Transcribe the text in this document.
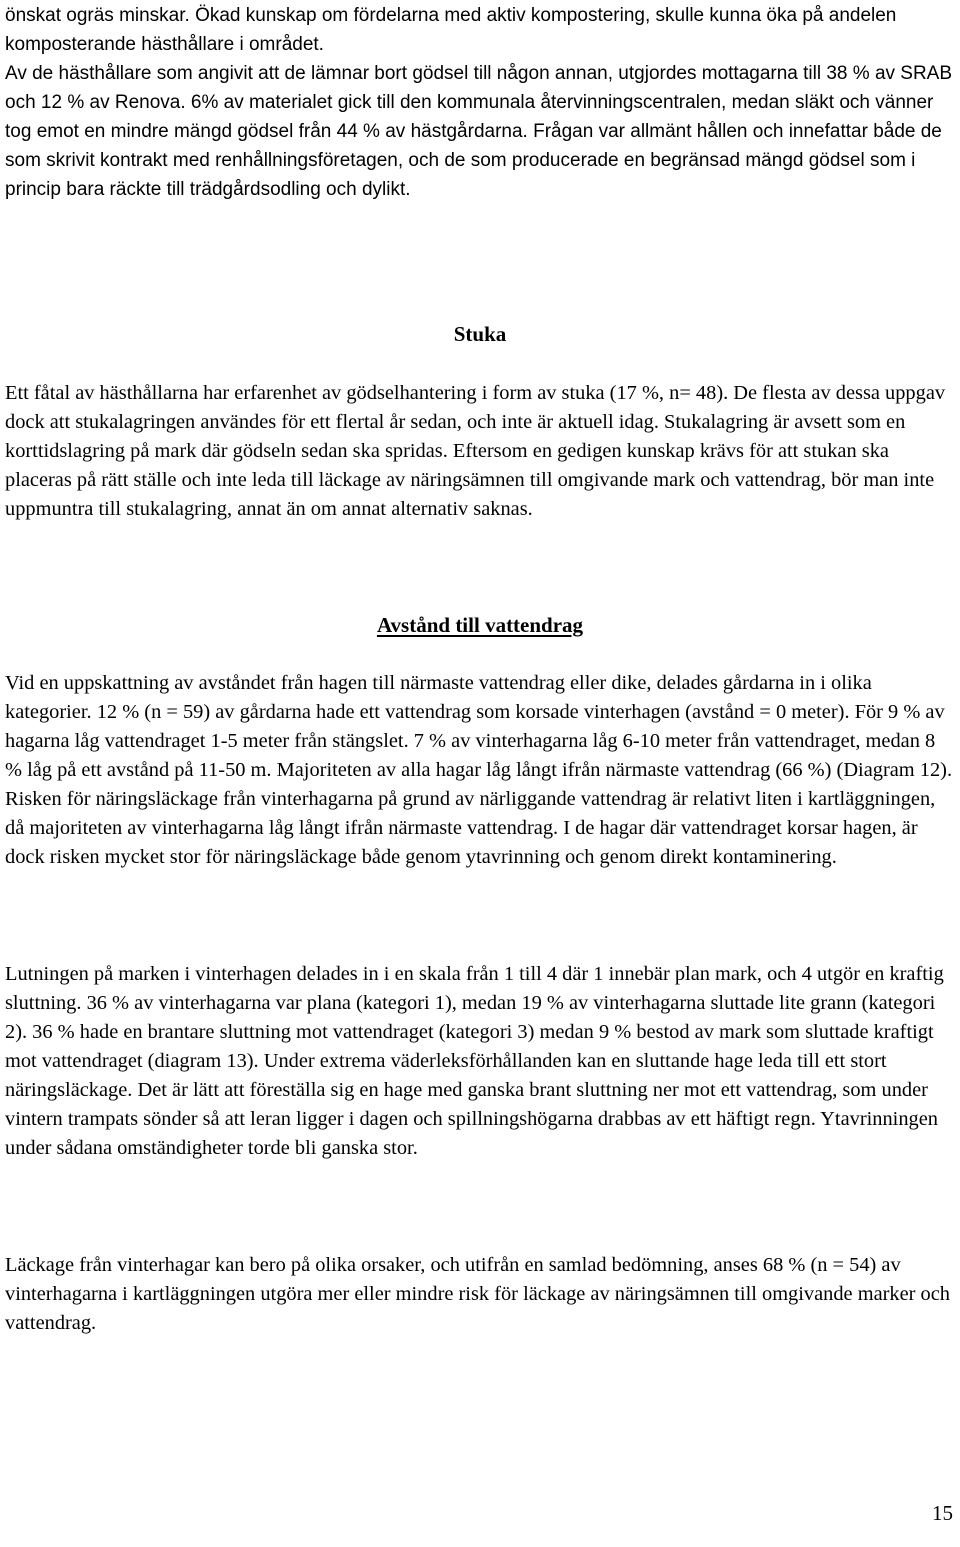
önskat ogräs minskar. Ökad kunskap om fördelarna med aktiv kompostering, skulle kunna öka på andelen komposterande hästhållare i området.

Av de hästhållare som angivit att de lämnar bort gödsel till någon annan, utgjordes mottagarna till 38 % av SRAB och 12 % av Renova. 6% av materialet gick till den kommunala återvinningscentralen, medan släkt och vänner tog emot en mindre mängd gödsel från 44 % av hästgårdarna. Frågan var allmänt hållen och innefattar både de som skrivit kontrakt med renhållningsföretagen, och de som producerade en begränsad mängd gödsel som i princip bara räckte till trädgårdsodling och dylikt.

Stuka

Ett fåtal av hästhållarna har erfarenhet av gödselhantering i form av stuka (17 %, n= 48). De flesta av dessa uppgav dock att stukalagringen användes för ett flertal år sedan, och inte är aktuell idag. Stukalagring är avsett som en korttidslagring på mark där gödseln sedan ska spridas. Eftersom en gedigen kunskap krävs för att stukan ska placeras på rätt ställe och inte leda till läckage av näringsämnen till omgivande mark och vattendrag, bör man inte uppmuntra till stukalagring, annat än om annat alternativ saknas.

Avstånd till vattendrag

Vid en uppskattning av avståndet från hagen till närmaste vattendrag eller dike, delades gårdarna in i olika kategorier. 12 % (n = 59) av gårdarna hade ett vattendrag som korsade vinterhagen (avstånd = 0 meter). För 9 % av hagarna låg vattendraget 1-5 meter från stängslet. 7 % av vinterhagarna låg 6-10 meter från vattendraget, medan 8 % låg på ett avstånd på 11-50 m. Majoriteten av alla hagar låg långt ifrån närmaste vattendrag (66 %) (Diagram 12). Risken för näringsläckage från vinterhagarna på grund av närliggande vattendrag är relativt liten i kartläggningen, då majoriteten av vinterhagarna låg långt ifrån närmaste vattendrag. I de hagar där vattendraget korsar hagen, är dock risken mycket stor för näringsläckage både genom ytavrinning och genom direkt kontaminering.

Lutningen på marken i vinterhagen delades in i en skala från 1 till 4 där 1 innebär plan mark, och 4 utgör en kraftig sluttning. 36 % av vinterhagarna var plana (kategori 1), medan 19 % av vinterhagarna sluttade lite grann (kategori 2). 36 % hade en brantare sluttning mot vattendraget (kategori 3) medan 9 % bestod av mark som sluttade kraftigt mot vattendraget (diagram 13). Under extrema väderleksförhållanden kan en sluttande hage leda till ett stort näringsläckage. Det är lätt att föreställa sig en hage med ganska brant sluttning ner mot ett vattendrag, som under vintern trampats sönder så att leran ligger i dagen och spillningshögarna drabbas av ett häftigt regn. Ytavrinningen under sådana omständigheter torde bli ganska stor.

Läckage från vinterhagar kan bero på olika orsaker, och utifrån en samlad bedömning, anses 68 % (n = 54) av vinterhagarna i kartläggningen utgöra mer eller mindre risk för läckage av näringsämnen till omgivande marker och vattendrag.

15
